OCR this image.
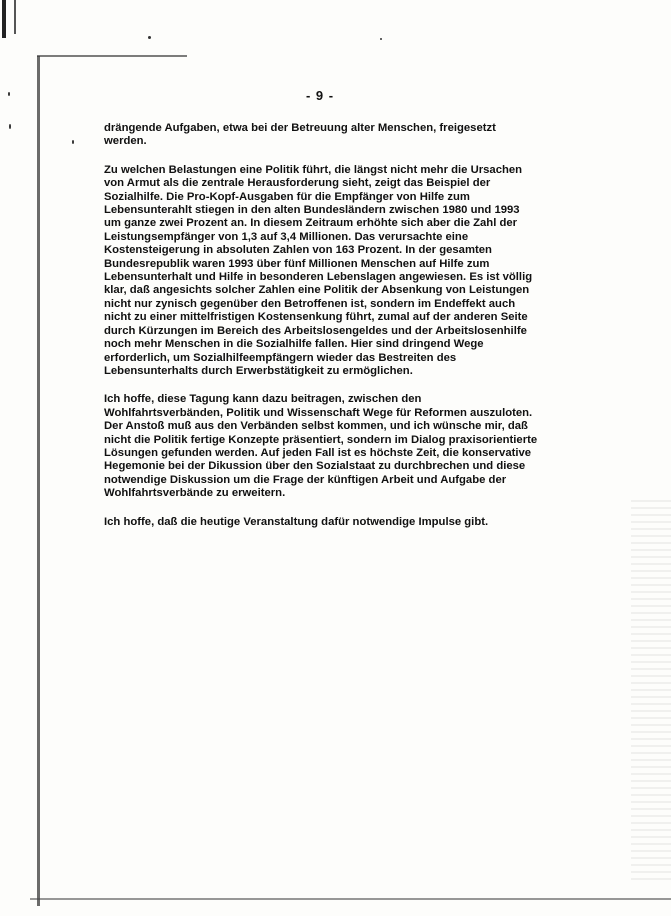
- 9 -

drängende Aufgaben, etwa bei der Betreuung alter Menschen, freigesetzt
werden.

Zu welchen Belastungen eine Politik führt, die längst nicht mehr die Ursachen
von Armut als die zentrale Herausforderung sieht, zeigt das Beispiel der
Sozialhilfe. Die Pro-Kopf-Ausgaben für die Empfänger von Hilfe zum
Lebensunterahlt stiegen in den alten Bundesländern zwischen 1980 und 1993
um ganze zwei Prozent an. In diesem Zeitraum erhöhte sich aber die Zahl der
Leistungsempfänger von 1,3 auf 3,4 Millionen. Das verursachte eine
Kostensteigerung in absoluten Zahlen von 163 Prozent. In der gesamten
Bundesrepublik waren 1993 über fünf Millionen Menschen auf Hilfe zum
Lebensunterhalt und Hilfe in besonderen Lebenslagen angewiesen. Es ist völlig
klar, daß angesichts solcher Zahlen eine Politik der Absenkung von Leistungen
nicht nur zynisch gegenüber den Betroffenen ist, sondern im Endeffekt auch
nicht zu einer mittelfristigen Kostensenkung führt, zumal auf der anderen Seite
durch Kürzungen im Bereich des Arbeitslosengeldes und der Arbeitslosenhilfe
noch mehr Menschen in die Sozialhilfe fallen. Hier sind dringend Wege
erforderlich, um Sozialhilfeempfängern wieder das Bestreiten des
Lebensunterhalts durch Erwerbstätigkeit zu ermöglichen.

Ich hoffe, diese Tagung kann dazu beitragen, zwischen den
Wohlfahrtsverbänden, Politik und Wissenschaft Wege für Reformen auszuloten.
Der Anstoß muß aus den Verbänden selbst kommen, und ich wünsche mir, daß
nicht die Politik fertige Konzepte präsentiert, sondern im Dialog praxisorientierte
Lösungen gefunden werden. Auf jeden Fall ist es höchste Zeit, die konservative
Hegemonie bei der Dikussion über den Sozialstaat zu durchbrechen und diese
notwendige Diskussion um die Frage der künftigen Arbeit und Aufgabe der
Wohlfahrtsverbände zu erweitern.

Ich hoffe, daß die heutige Veranstaltung dafür notwendige Impulse gibt.
